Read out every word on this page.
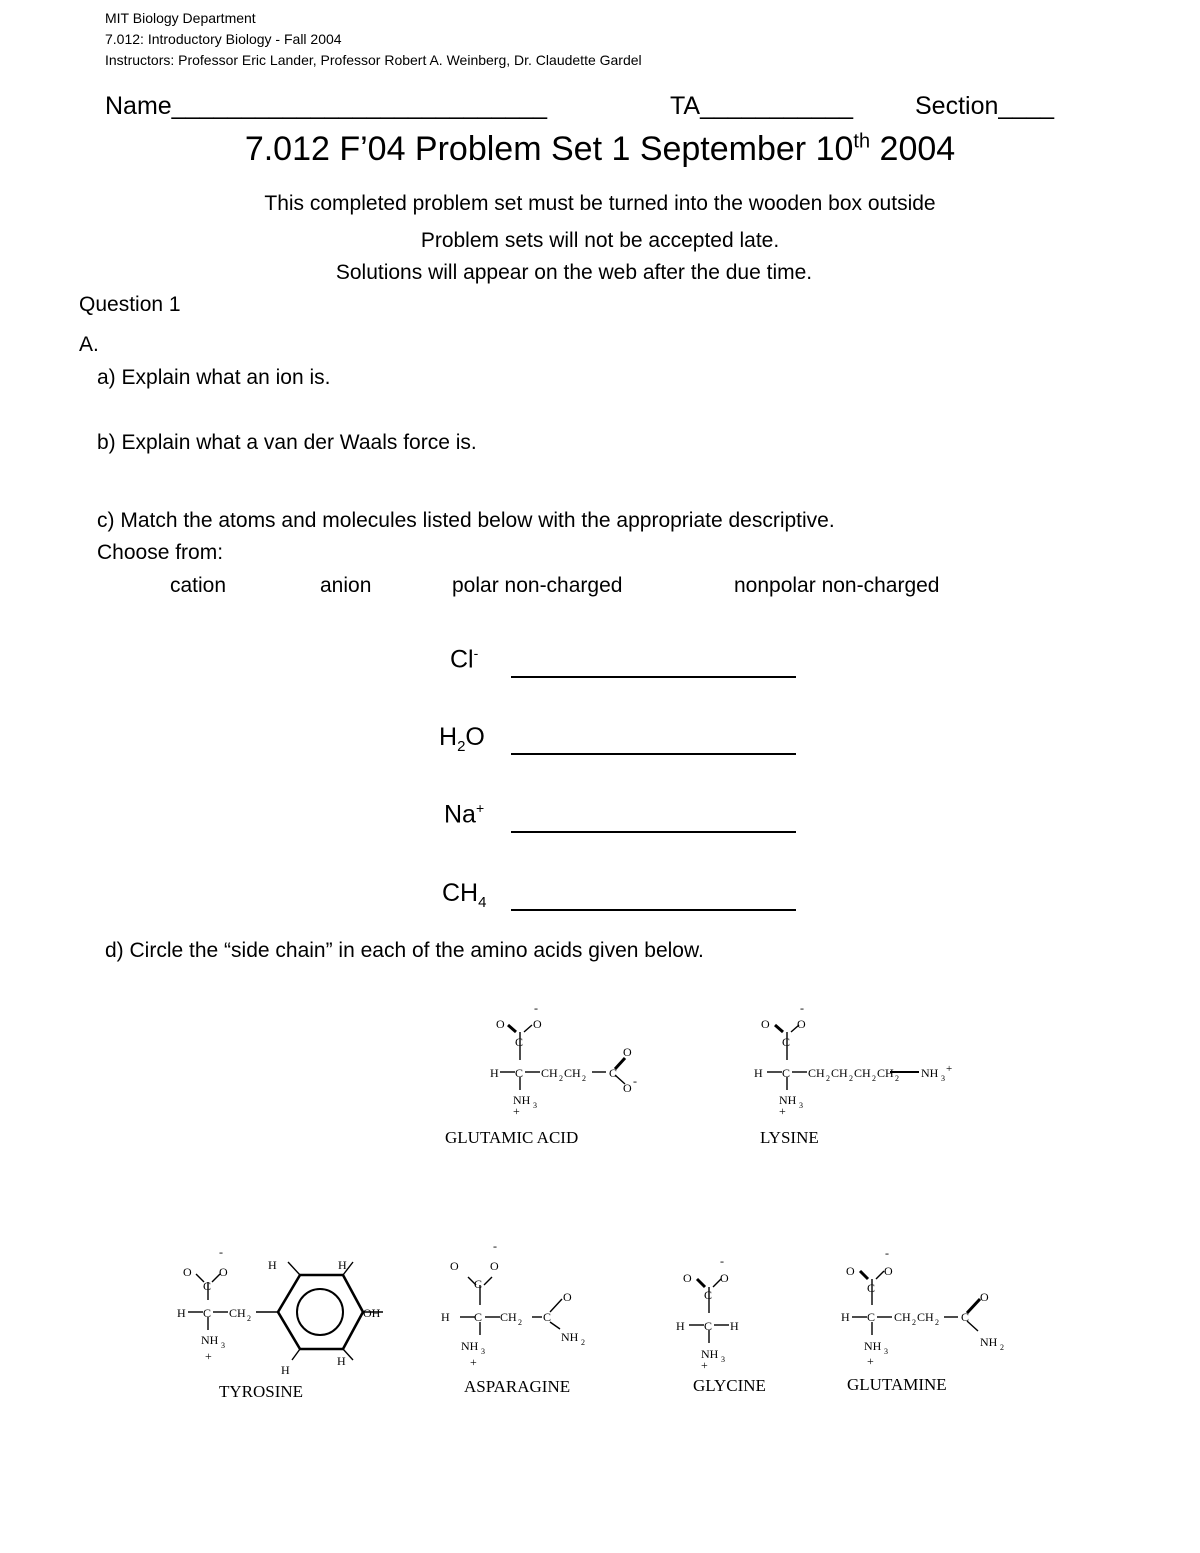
MIT Biology Department
7.012: Introductory Biology - Fall 2004
Instructors: Professor Eric Lander, Professor Robert A. Weinberg, Dr. Claudette Gardel
Name___________________________	TA___________ Section____
7.012 F’04 Problem Set 1 September 10th 2004
This completed problem set must be turned into the wooden box outside
Problem sets will not be accepted late.
Solutions will appear on the web after the due time.
Question 1
A.
a) Explain what an ion is.
b) Explain what a van der Waals force is.
c) Match the atoms and molecules listed below with the appropriate descriptive.
Choose from:
cation	anion	polar non-charged	nonpolar non-charged
Cl-
$H_2O$
Na+
$CH_4$
d) Circle the “side chain” in each of the amino acids given below.
-
O O
C
H C CH 2 CH 2 C
O
O -
NH 3
+
-
O O
C
H C CH 2 CH 2 CH 2 CH 2 NH 3
+
NH 3
+
-
O O
C
H C CH 2
H	H
OH
H
H
NH 3
+
-
O	O
C
H C CH 2 C
O
NH 2
NH 3
+
-
O O
C
H C H
NH 3
+
-
O O
C
H C CH 2 CH 2 C
O
NH 2
NH 3
+
GLUTAMIC ACID	LYSINE
TYROSINE	ASPARAGINE	GLYCINE	GLUTAMINE
